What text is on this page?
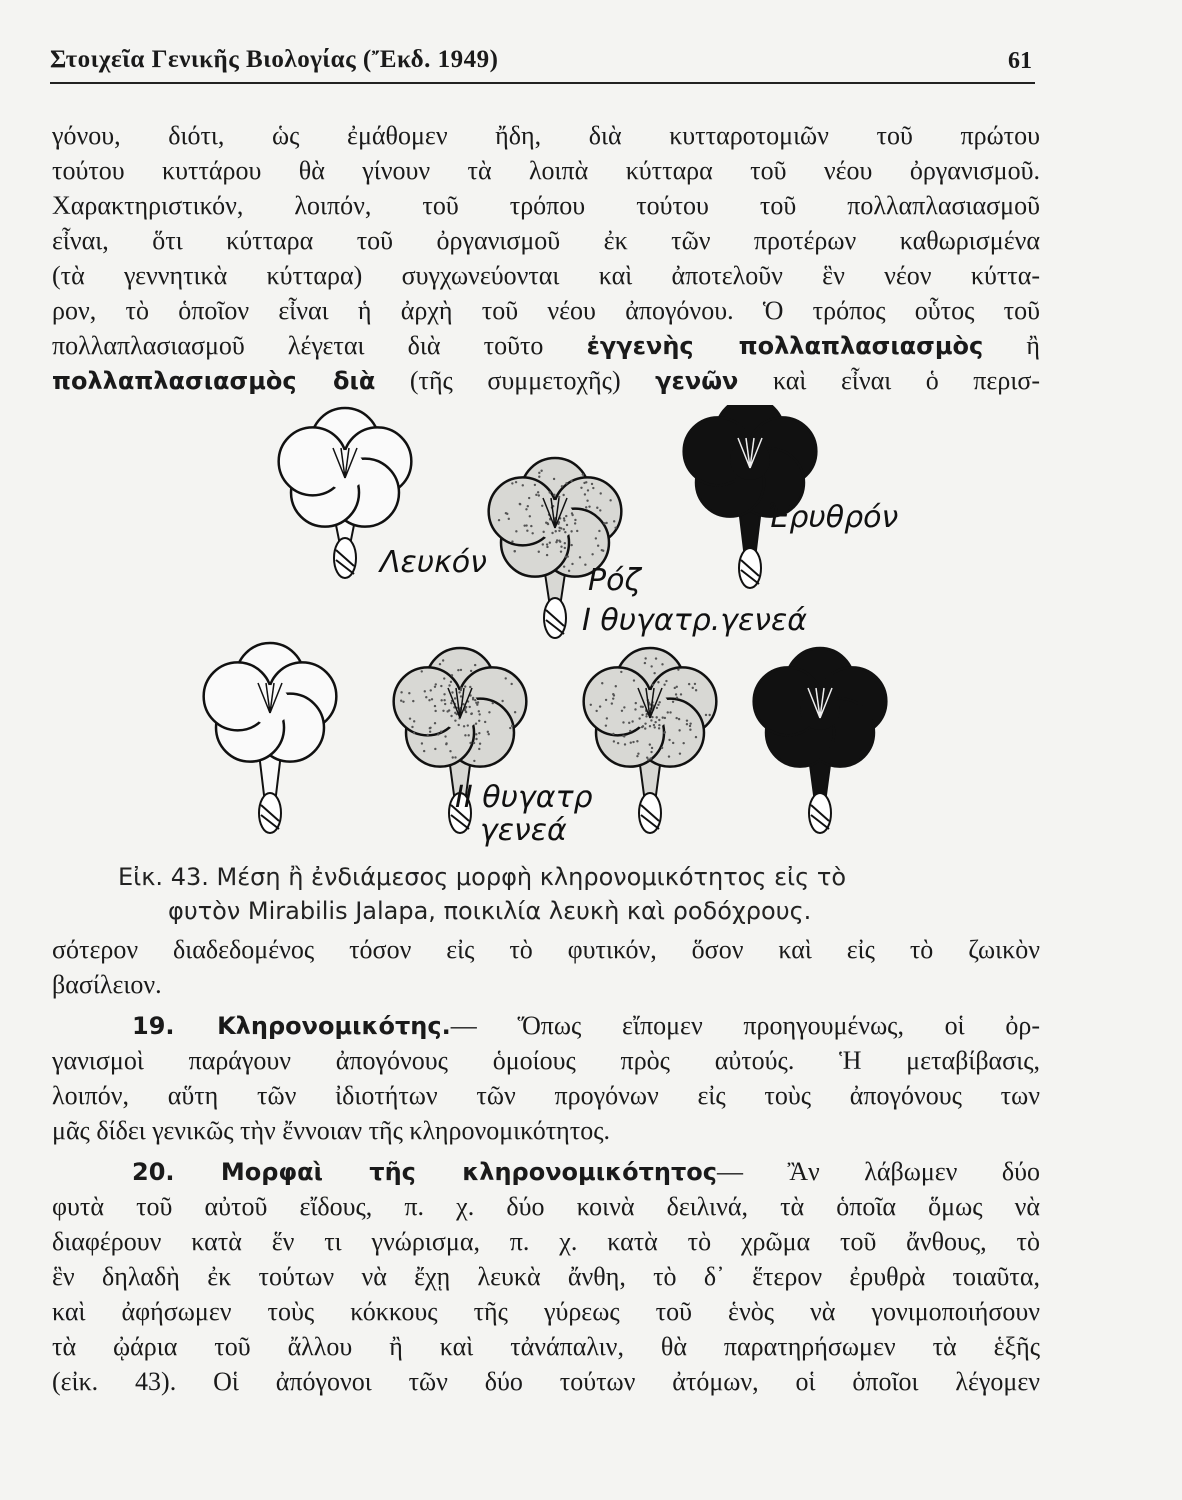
Στοιχεῖα Γενικῆς Βιολογίας (Ἔκδ. 1949)	61
γόνου, διότι, ὡς ἐμάθομεν ἤδη, διὰ κυτταροτομιῶν τοῦ πρώτου
τούτου κυττάρου θὰ γίνουν τὰ λοιπὰ κύτταρα τοῦ νέου ὀργανισμοῦ.
Χαρακτηριστικόν, λοιπόν, τοῦ τρόπου τούτου τοῦ πολλαπλασιασμοῦ
εἶναι, ὅτι κύτταρα τοῦ ὀργανισμοῦ ἐκ τῶν προτέρων καθωρισμένα
(τὰ γεννητικὰ κύτταρα) συγχωνεύονται καὶ ἀποτελοῦν ἓν νέον κύττα-
ρον, τὸ ὁποῖον εἶναι ἡ ἀρχὴ τοῦ νέου ἀπογόνου. Ὁ τρόπος οὗτος τοῦ
πολλαπλασιασμοῦ λέγεται διὰ τοῦτο ἐγγενὴς πολλαπλασιασμὸς ἢ
πολλαπλασιασμὸς διὰ (τῆς συμμετοχῆς) γενῶν καὶ εἶναι ὁ περισ-
Λευκόν
Ἐρυθρόν
Ρόζ
I θυγατρ.γενεά
II θυγατρ
γενεά
Εἰκ. 43. Μέση ἢ ἐνδιάμεσος μορφὴ κληρονομικότητος εἰς τὸ
φυτὸν Mirabilis Jalapa, ποικιλία λευκὴ καὶ ροδόχρους.
σότερον διαδεδομένος τόσον εἰς τὸ φυτικόν, ὅσον καὶ εἰς τὸ ζωικὸν
βασίλειον.
19. Κληρονομικότης.— Ὅπως εἴπομεν προηγουμένως, οἱ ὀρ-
γανισμοὶ παράγουν ἀπογόνους ὁμοίους πρὸς αὐτούς. Ἡ μεταβίβασις,
λοιπόν, αὕτη τῶν ἰδιοτήτων τῶν προγόνων εἰς τοὺς ἀπογόνους των
μᾶς δίδει γενικῶς τὴν ἔννοιαν τῆς κληρονομικότητος.
20. Μορφαὶ τῆς κληρονομικότητος— Ἂν λάβωμεν δύο
φυτὰ τοῦ αὐτοῦ εἴδους, π. χ. δύο κοινὰ δειλινά, τὰ ὁποῖα ὅμως νὰ
διαφέρουν κατὰ ἕν τι γνώρισμα, π. χ. κατὰ τὸ χρῶμα τοῦ ἄνθους, τὸ
ἓν δηλαδὴ ἐκ τούτων νὰ ἔχῃ λευκὰ ἄνθη, τὸ δ᾽ ἕτερον ἐρυθρὰ τοιαῦτα,
καὶ ἀφήσωμεν τοὺς κόκκους τῆς γύρεως τοῦ ἑνὸς νὰ γονιμοποιήσουν
τὰ ᾠάρια τοῦ ἄλλου ἢ καὶ τἀνάπαλιν, θὰ παρατηρήσωμεν τὰ ἑξῆς
(εἰκ. 43). Οἱ ἀπόγονοι τῶν δύο τούτων ἀτόμων, οἱ ὁποῖοι λέγομεν
